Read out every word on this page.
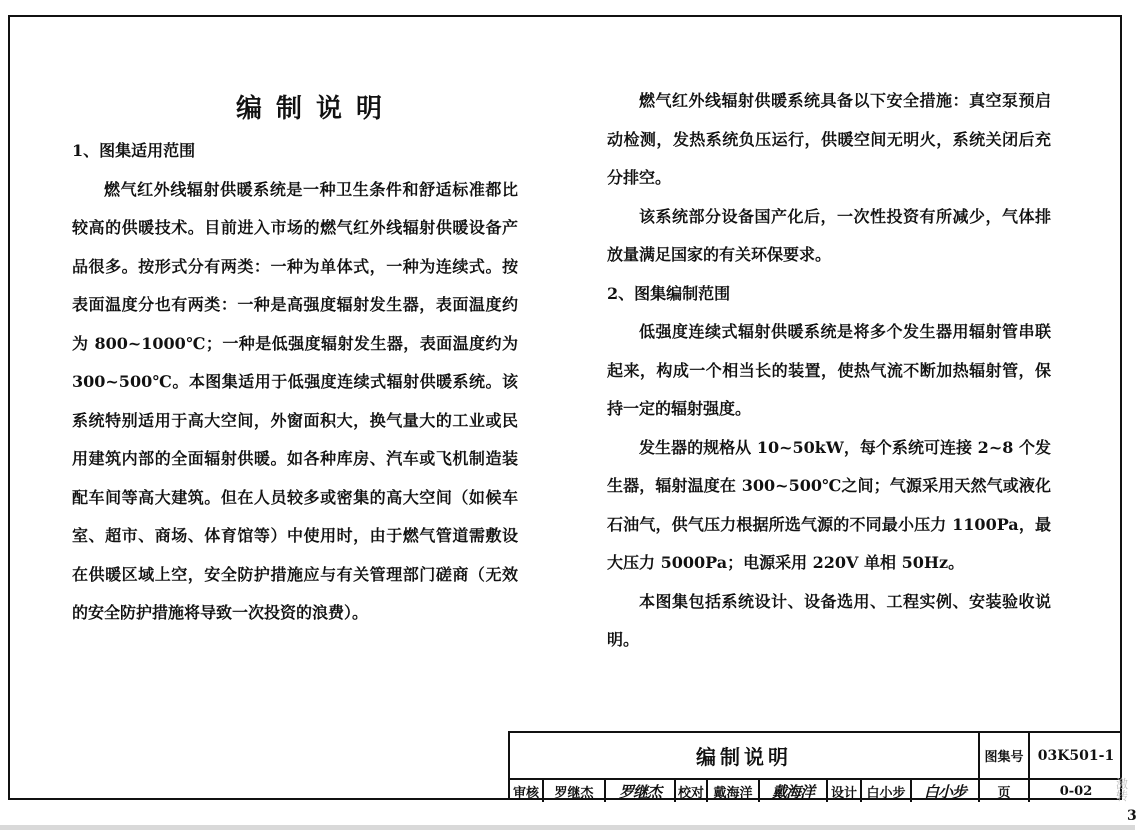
编制说明

1、图集适用范围

燃气红外线辐射供暖系统是一种卫生条件和舒适标准都比较高的供暖技术。目前进入市场的燃气红外线辐射供暖设备产品很多。按形式分有两类：一种为单体式，一种为连续式。按表面温度分也有两类：一种是高强度辐射发生器，表面温度约为 800~1000℃；一种是低强度辐射发生器，表面温度约为 300~500℃。本图集适用于低强度连续式辐射供暖系统。该系统特别适用于高大空间，外窗面积大，换气量大的工业或民用建筑内部的全面辐射供暖。如各种库房、汽车或飞机制造装配车间等高大建筑。但在人员较多或密集的高大空间（如候车室、超市、商场、体育馆等）中使用时，由于燃气管道需敷设在供暖区域上空，安全防护措施应与有关管理部门磋商（无效的安全防护措施将导致一次投资的浪费）。

燃气红外线辐射供暖系统具备以下安全措施：真空泵预启动检测，发热系统负压运行，供暖空间无明火，系统关闭后充分排空。

该系统部分设备国产化后，一次性投资有所减少，气体排放量满足国家的有关环保要求。

2、图集编制范围

低强度连续式辐射供暖系统是将多个发生器用辐射管串联起来，构成一个相当长的装置，使热气流不断加热辐射管，保持一定的辐射强度。

发生器的规格从 10~50kW，每个系统可连接 2~8 个发生器，辐射温度在 300~500℃之间；气源采用天然气或液化石油气，供气压力根据所选气源的不同最小压力 1100Pa，最大压力 5000Pa；电源采用 220V 单相 50Hz。

本图集包括系统设计、设备选用、工程实例、安装验收说明。

编制说明	图集号	03K501-1
审核	罗继杰	罗继杰	校对 戴海洋	戴海洋	设计 白小步	白小步	页	0-02	激转
3
